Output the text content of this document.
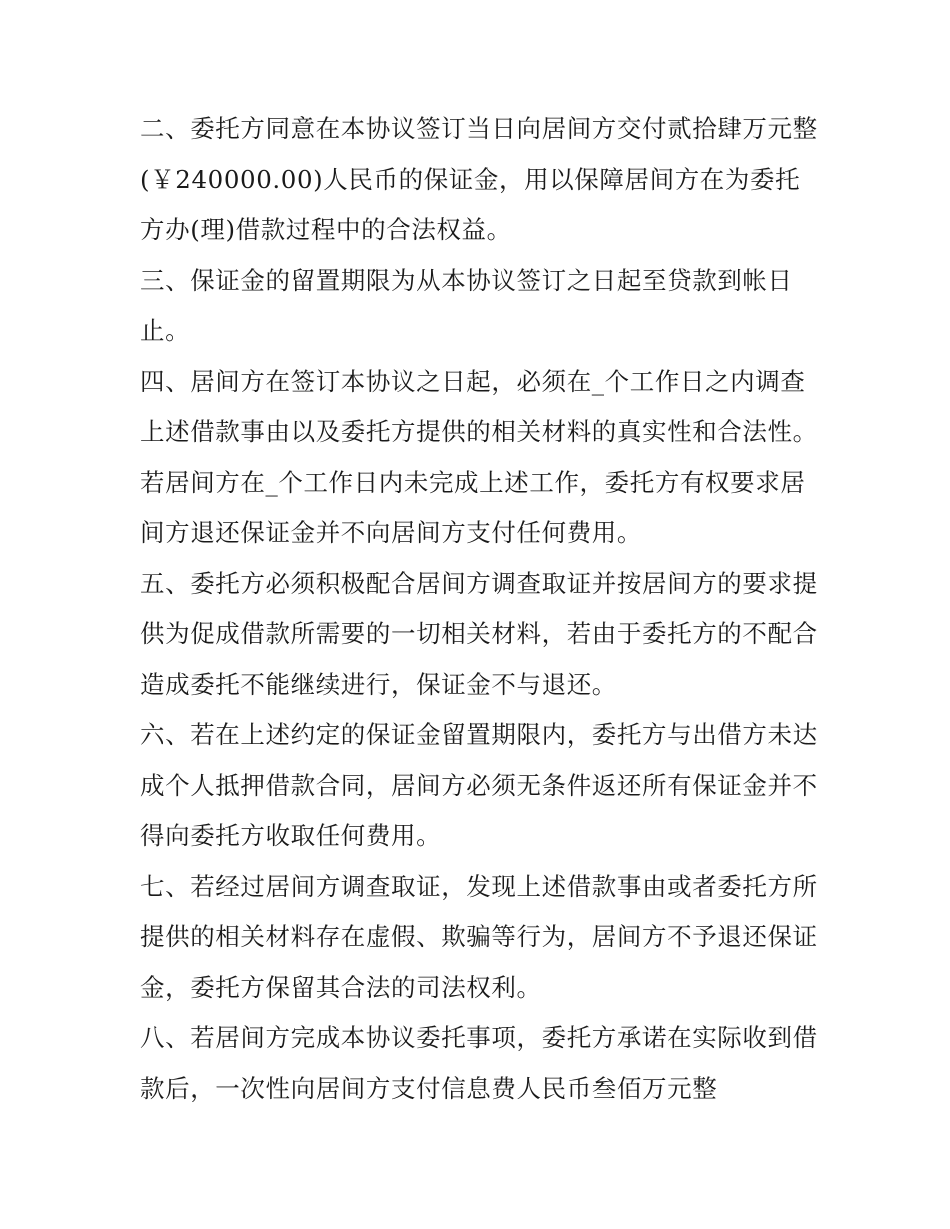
二、委托方同意在本协议签订当日向居间方交付贰拾肆万元整(￥240000.00)人民币的保证金，用以保障居间方在为委托方办(理)借款过程中的合法权益。

三、保证金的留置期限为从本协议签订之日起至贷款到帐日止。

四、居间方在签订本协议之日起，必须在_个工作日之内调查上述借款事由以及委托方提供的相关材料的真实性和合法性。若居间方在_个工作日内未完成上述工作，委托方有权要求居间方退还保证金并不向居间方支付任何费用。

五、委托方必须积极配合居间方调查取证并按居间方的要求提供为促成借款所需要的一切相关材料，若由于委托方的不配合造成委托不能继续进行，保证金不与退还。

六、若在上述约定的保证金留置期限内，委托方与出借方未达成个人抵押借款合同，居间方必须无条件返还所有保证金并不得向委托方收取任何费用。

七、若经过居间方调查取证，发现上述借款事由或者委托方所提供的相关材料存在虚假、欺骗等行为，居间方不予退还保证金，委托方保留其合法的司法权利。

八、若居间方完成本协议委托事项，委托方承诺在实际收到借款后，一次性向居间方支付信息费人民币叁佰万元整
